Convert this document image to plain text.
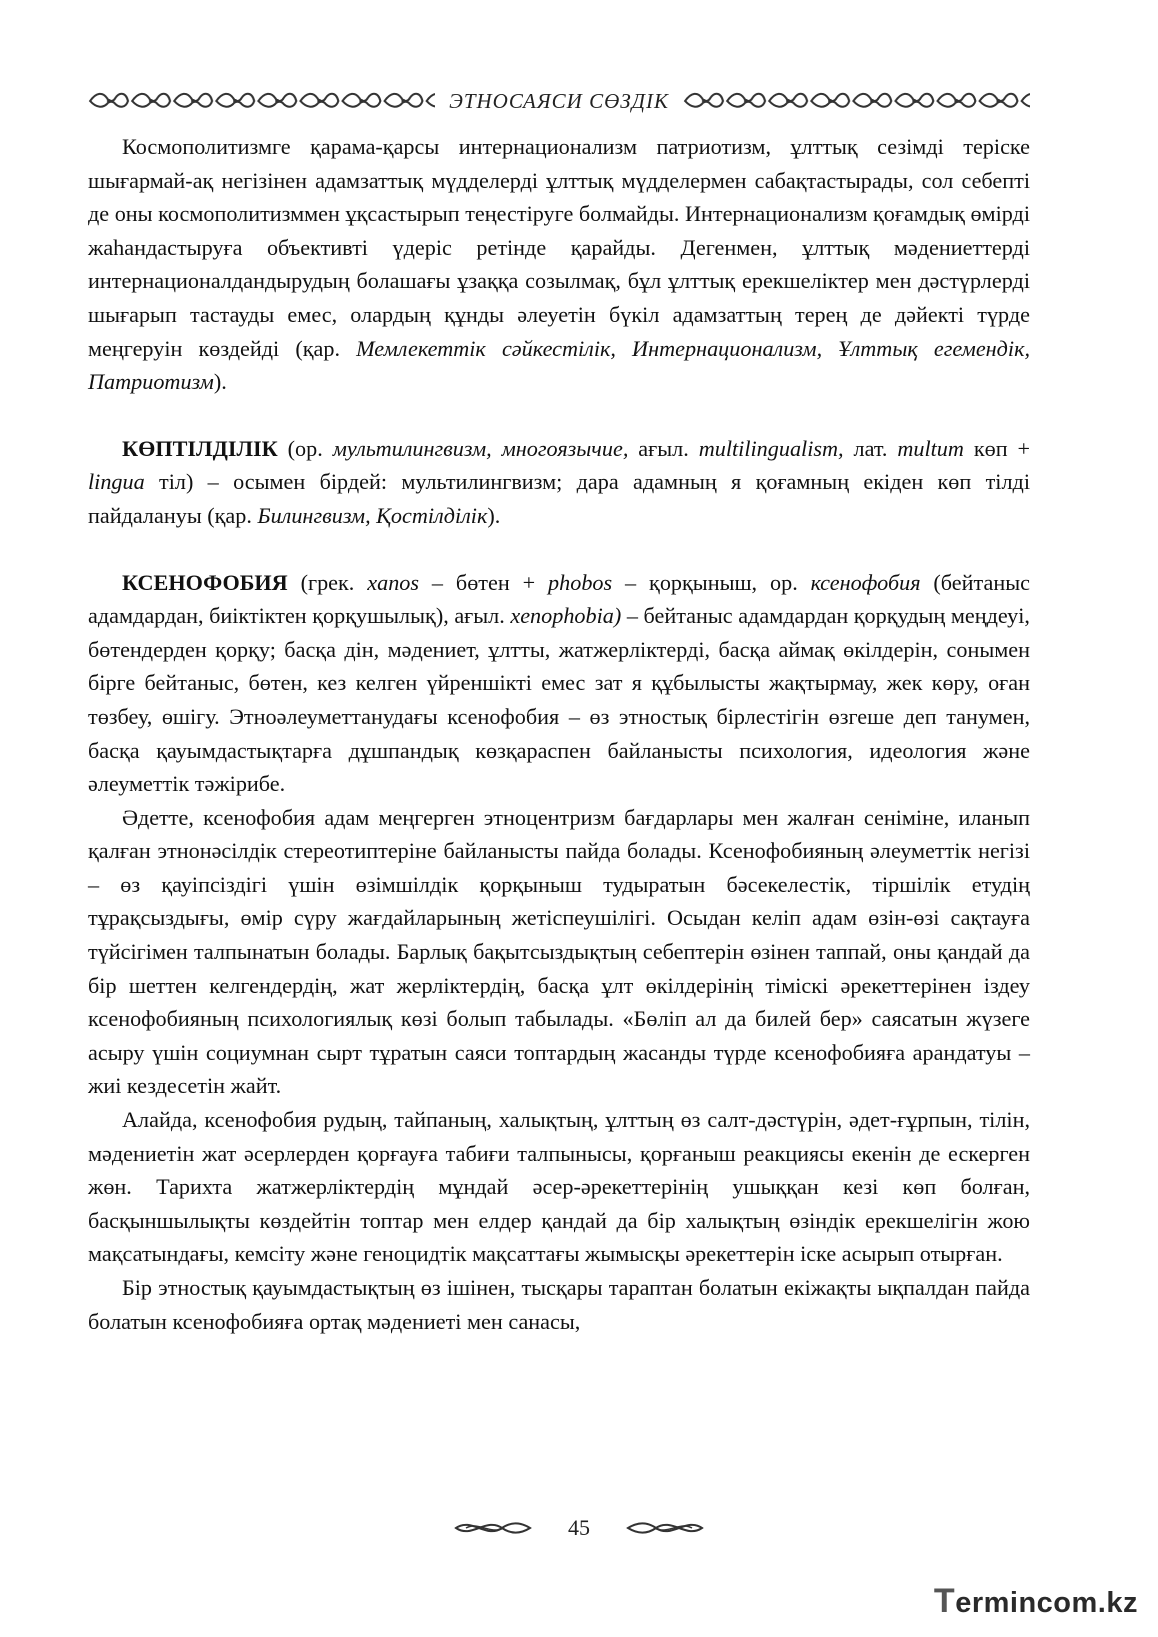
ЭТНОСАЯСИ СӨЗДІК

Космополитизмге қарама-қарсы интернационализм патриотизм, ұлттық сезімді теріске шығармай-ақ негізінен адамзаттық мүдделерді ұлттық мүдделермен сабақтастырады, сол себепті де оны космополитизммен ұқсастырып теңестіруге болмайды. Интернационализм қоғамдық өмірді жаһандастыруға объективті үдеріс ретінде қарайды. Дегенмен, ұлттық мәдениеттерді интернационалдандырудың болашағы ұзаққа созылмақ, бұл ұлттық ерекшеліктер мен дәстүрлерді шығарып тастауды емес, олардың құнды әлеуетін бүкіл адамзаттың терең де дәйекті түрде меңгеруін көздейді (қар. Мемлекеттік сәйкестілік, Интернационализм, Ұлттық егемендік, Патриотизм).

КӨПТІЛДІЛІК (ор. мультилингвизм, многоязычие, ағыл. multilingualism, лат. multum көп + lingua тіл) – осымен бірдей: мультилингвизм; дара адамның я қоғамның екіден көп тілді пайдалануы (қар. Билингвизм, Қостілділік).

КСЕНОФОБИЯ (грек. xanos – бөтен + phobos – қорқыныш, ор. ксенофобия (бейтаныс адамдардан, биіктіктен қорқушылық), ағыл. xenophobia) – бейтаныс адамдардан қорқудың меңдеуі, бөтендерден қорқу; басқа дін, мәдениет, ұлтты, жатжерліктерді, басқа аймақ өкілдерін, сонымен бірге бейтаныс, бөтен, кез келген үйреншікті емес зат я құбылысты жақтырмау, жек көру, оған төзбеу, өшігу. Этноәлеуметтанудағы ксенофобия – өз этностық бірлестігін өзгеше деп танумен, басқа қауымдастықтарға дұшпандық көзқараспен байланысты психология, идеология және әлеуметтік тәжірибе.

Әдетте, ксенофобия адам меңгерген этноцентризм бағдарлары мен жалған сеніміне, иланып қалған этнонәсілдік стереотиптеріне байланысты пайда болады. Ксенофобияның әлеуметтік негізі – өз қауіпсіздігі үшін өзімшілдік қорқыныш тудыратын бәсекелестік, тіршілік етудің тұрақсыздығы, өмір сүру жағдайларының жетіспеушілігі. Осыдан келіп адам өзін-өзі сақтауға түйсігімен талпынатын болады. Барлық бақытсыздықтың себептерін өзінен таппай, оны қандай да бір шеттен келгендердің, жат жерліктердің, басқа ұлт өкілдерінің тіміскі әрекеттерінен іздеу ксенофобияның психологиялық көзі болып табылады. «Бөліп ал да билей бер» саясатын жүзеге асыру үшін социумнан сырт тұратын саяси топтардың жасанды түрде ксенофобияға арандатуы – жиі кездесетін жайт.

Алайда, ксенофобия рудың, тайпаның, халықтың, ұлттың өз салт-дәстүрін, әдет-ғұрпын, тілін, мәдениетін жат әсерлерден қорғауға табиғи талпынысы, қорғаныш реакциясы екенін де ескерген жөн. Тарихта жатжерліктердің мұндай әсер-әрекеттерінің ушыққан кезі көп болған, басқыншылықты көздейтін топтар мен елдер қандай да бір халықтың өзіндік ерекшелігін жою мақсатындағы, кемсіту және геноцидтік мақсаттағы жымысқы әрекеттерін іске асырып отырған.

Бір этностық қауымдастықтың өз ішінен, тысқары тараптан болатын екіжақты ықпалдан пайда болатын ксенофобияға ортақ мәдениеті мен санасы,

45
Termincom.kz
